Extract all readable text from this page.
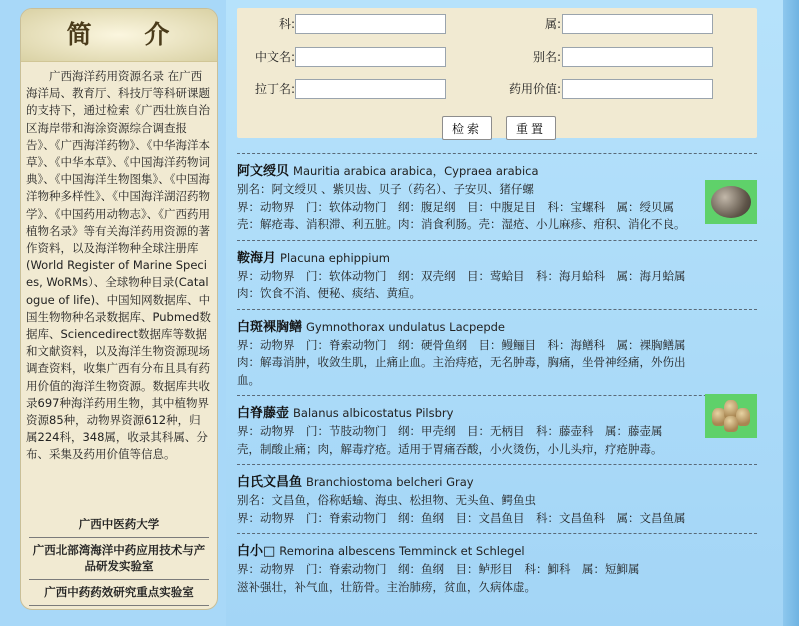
简 介
广西海洋药用资源名录 在广西海洋局、教育厅、科技厅等科研课题的支持下，通过检索《广西壮族自治区海岸带和海涂资源综合调查报告》、《广西海洋药物》、《中华海洋本草》、《中华本草》、《中国海洋药物词典》、《中国海洋生物图集》、《中国海洋物种多样性》、《中国海洋湖沼药物学》、《中国药用动物志》、《广西药用植物名录》等有关海洋药用资源的著作资料，以及海洋物种全球注册库(World Register of Marine Species, WoRMs）、全球物种目录(Catalogue of life)、中国知网数据库、中国生物物种名录数据库、Pubmed数据库、Sciencedirect数据库等数据和文献资料，以及海洋生物资源现场调查资料，收集广西有分布且具有药用价值的海洋生物资源。数据库共收录697种海洋药用生物，其中植物界资源85种，动物界资源612种，归属224科，348属，收录其科属、分布、采集及药用价值等信息。
广西中医药大学
广西北部湾海洋中药应用技术与产品研发实验室
广西中药药效研究重点实验室
科:	属:
中文名:	别名:
拉丁名:	药用价值:
检索	重置
阿文绶贝 Mauritia arabica arabica，Cypraea arabica
别名：阿文绶贝 、紫贝齿、贝子（药名）、子安贝、猪仔螺
界：动物界　门：软体动物门　纲：腹足纲　目：中腹足目　科：宝螺科　属：绶贝属
壳：解疮毒、消积滞、利五脏。肉：消食利肠。壳：湿疮、小儿麻疹、疳积、消化不良。
鞍海月 Placuna ephippium
界：动物界　门：软体动物门　纲：双壳纲　目：莺蛤目　科：海月蛤科　属：海月蛤属
肉：饮食不消、便秘、痰结、黄疸。
白斑裸胸鳝 Gymnothorax undulatus Lacpepde
界：动物界　门：脊索动物门　纲：硬骨鱼纲　目：鳗鲡目　科：海鳝科　属：裸胸鳝属
肉：解毒消肿，收敛生肌，止痛止血。主治痔疮，无名肿毒，胸痛，坐骨神经痛，外伤出血。
白脊藤壶 Balanus albicostatus Pilsbry
界：动物界　门：节肢动物门　纲：甲壳纲　目：无柄目　科：藤壶科　属：藤壶属
壳，制酸止痛；肉，解毒疗疮。适用于胃痛吞酸，小火烫伤，小儿头疖，疗疮肿毒。
白氏文昌鱼 Branchiostoma belcheri Gray
别名：文昌鱼，俗称蛞蝓、海虫、松担物、无头鱼、鳄鱼虫
界：动物界　门：脊索动物门　纲：鱼纲　目：文昌鱼目　科：文昌鱼科　属：文昌鱼属
白小□ Remorina albescens Temminck et Schlegel
界：动物界　门：脊索动物门　纲：鱼纲　目：鲈形目　科：鮣科　属：短鮣属
滋补强壮，补气血，壮筋骨。主治肺痨，贫血，久病体虚。
